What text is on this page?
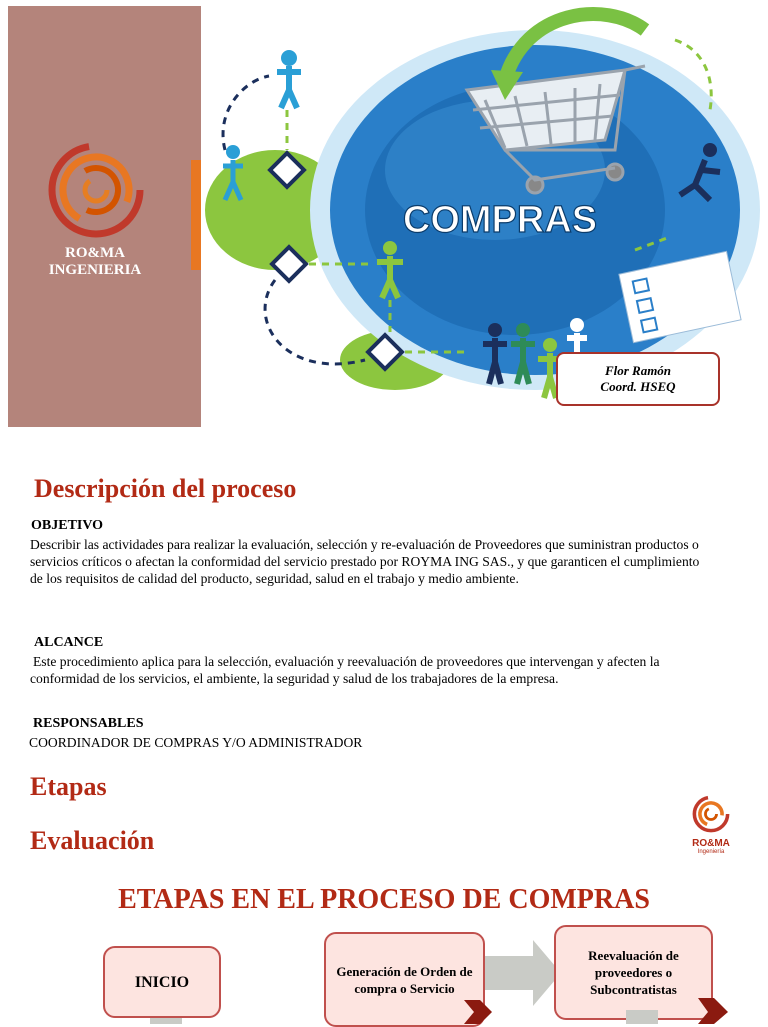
RO&MA INGENIERIA
COMPRAS
Flor Ramón
Coord. HSEQ
Descripción del proceso

OBJETIVO

Describir las actividades para realizar la evaluación, selección y re-evaluación de Proveedores que suministran productos o servicios críticos o afectan la conformidad del servicio prestado por ROYMA ING SAS., y que garanticen el cumplimiento de los requisitos de calidad del producto, seguridad, salud en el trabajo y medio ambiente.

ALCANCE

Este procedimiento aplica para la selección, evaluación y reevaluación de proveedores que intervengan y afecten la conformidad de los servicios, el ambiente, la seguridad y salud de los trabajadores de la empresa.

RESPONSABLES

COORDINADOR DE COMPRAS Y/O ADMINISTRADOR

Etapas
Evaluación	RO&MA
Ingeniería
ETAPAS EN EL PROCESO DE COMPRAS
INICIO
Generación de Orden de compra o Servicio
Reevaluación de proveedores o Subcontratistas
